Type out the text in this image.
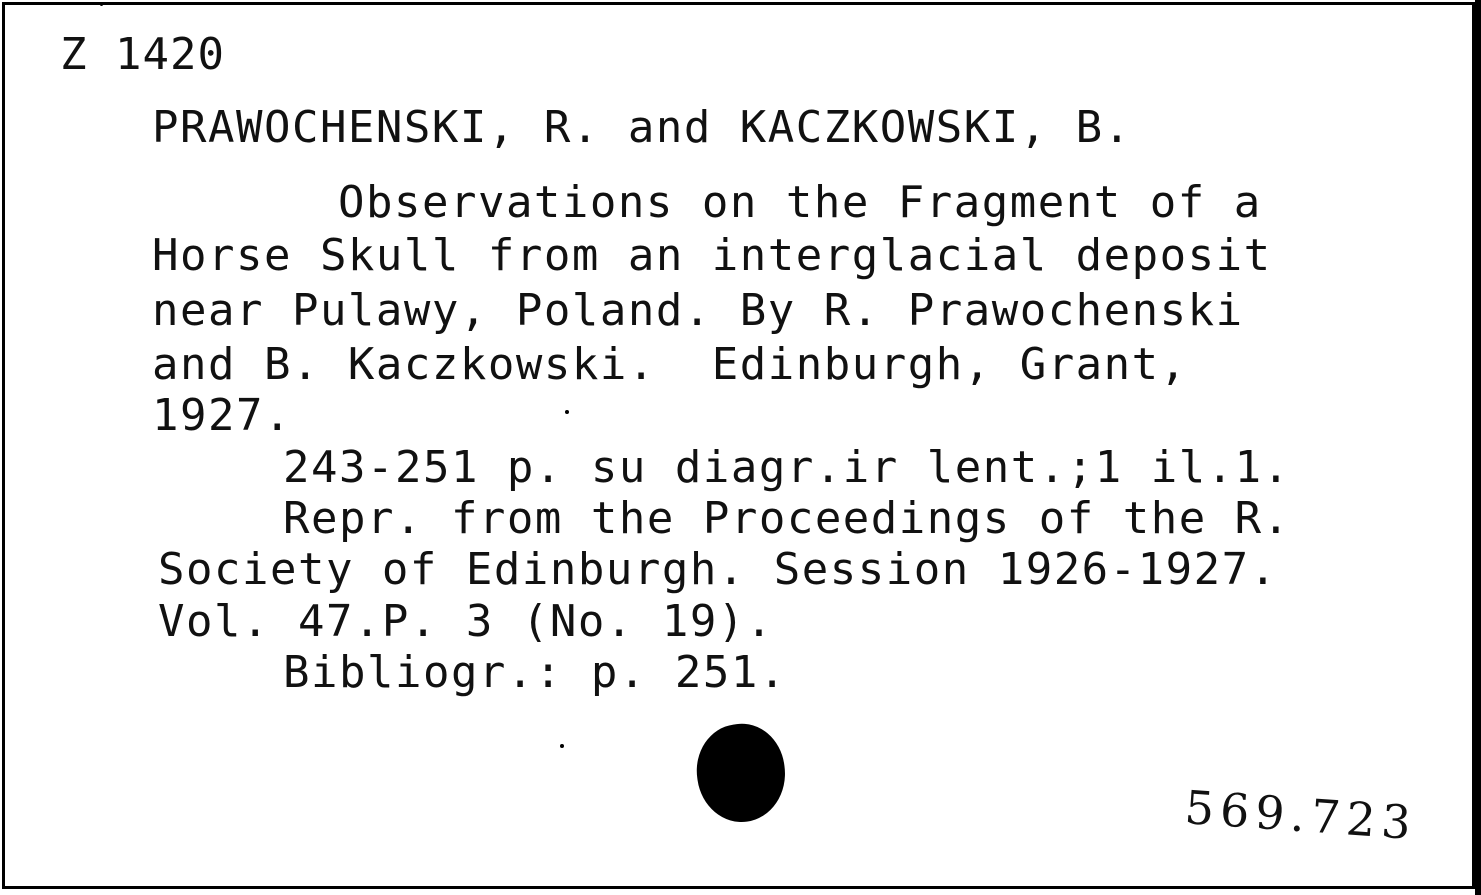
Z 1420
PRAWOCHENSKI, R. and KACZKOWSKI, B.
Observations on the Fragment of a
Horse Skull from an interglacial deposit
near Pulawy, Poland. By R. Prawochenski
and B. Kaczkowski.  Edinburgh, Grant,
1927.
243-251 p. su diagr.ir lent.;1 il.1.
Repr. from the Proceedings of the R.
Society of Edinburgh. Session 1926-1927.
Vol. 47.P. 3 (No. 19).
Bibliogr.: p. 251.
569.723
